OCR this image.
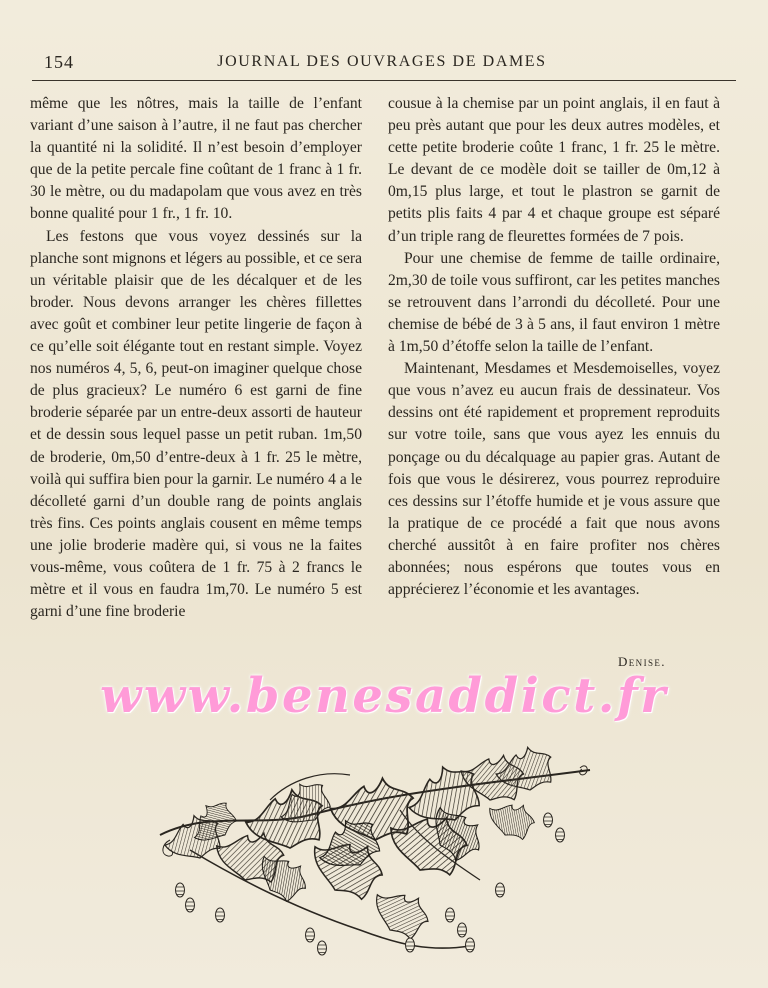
154	JOURNAL DES OUVRAGES DE DAMES

même que les nôtres, mais la taille de l’enfant variant d’une saison à l’autre, il ne faut pas chercher la quantité ni la solidité. Il n’est besoin d’employer que de la petite percale fine coûtant de 1 franc à 1 fr. 30 le mètre, ou du madapolam que vous avez en très bonne qualité pour 1 fr., 1 fr. 10.

Les festons que vous voyez dessinés sur la planche sont mignons et légers au possible, et ce sera un véritable plaisir que de les décalquer et de les broder. Nous devons arranger les chères fillettes avec goût et combiner leur petite lingerie de façon à ce qu’elle soit élégante tout en restant simple. Voyez nos numéros 4, 5, 6, peut-on imaginer quelque chose de plus gracieux? Le numéro 6 est garni de fine broderie séparée par un entre-deux assorti de hauteur et de dessin sous lequel passe un petit ruban. 1m,50 de broderie, 0m,50 d’entre-deux à 1 fr. 25 le mètre, voilà qui suffira bien pour la garnir. Le numéro 4 a le décolleté garni d’un double rang de points anglais très fins. Ces points anglais cousent en même temps une jolie broderie madère qui, si vous ne la faites vous-même, vous coûtera de 1 fr. 75 à 2 francs le mètre et il vous en faudra 1m,70. Le numéro 5 est garni d’une fine broderie

cousue à la chemise par un point anglais, il en faut à peu près autant que pour les deux autres modèles, et cette petite broderie coûte 1 franc, 1 fr. 25 le mètre. Le devant de ce modèle doit se tailler de 0m,12 à 0m,15 plus large, et tout le plastron se garnit de petits plis faits 4 par 4 et chaque groupe est séparé d’un triple rang de fleurettes formées de 7 pois.

Pour une chemise de femme de taille ordinaire, 2m,30 de toile vous suffiront, car les petites manches se retrouvent dans l’arrondi du décolleté. Pour une chemise de bébé de 3 à 5 ans, il faut environ 1 mètre à 1m,50 d’étoffe selon la taille de l’enfant.

Maintenant, Mesdames et Mesdemoiselles, voyez que vous n’avez eu aucun frais de dessinateur. Vos dessins ont été rapidement et proprement reproduits sur votre toile, sans que vous ayez les ennuis du ponçage ou du décalquage au papier gras. Autant de fois que vous le désirerez, vous pourrez reproduire ces dessins sur l’étoffe humide et je vous assure que la pratique de ce procédé a fait que nous avons cherché aussitôt à en faire profiter nos chères abonnées; nous espérons que toutes vous en apprécierez l’économie et les avantages.

Denise.
www.benesaddict.fr
